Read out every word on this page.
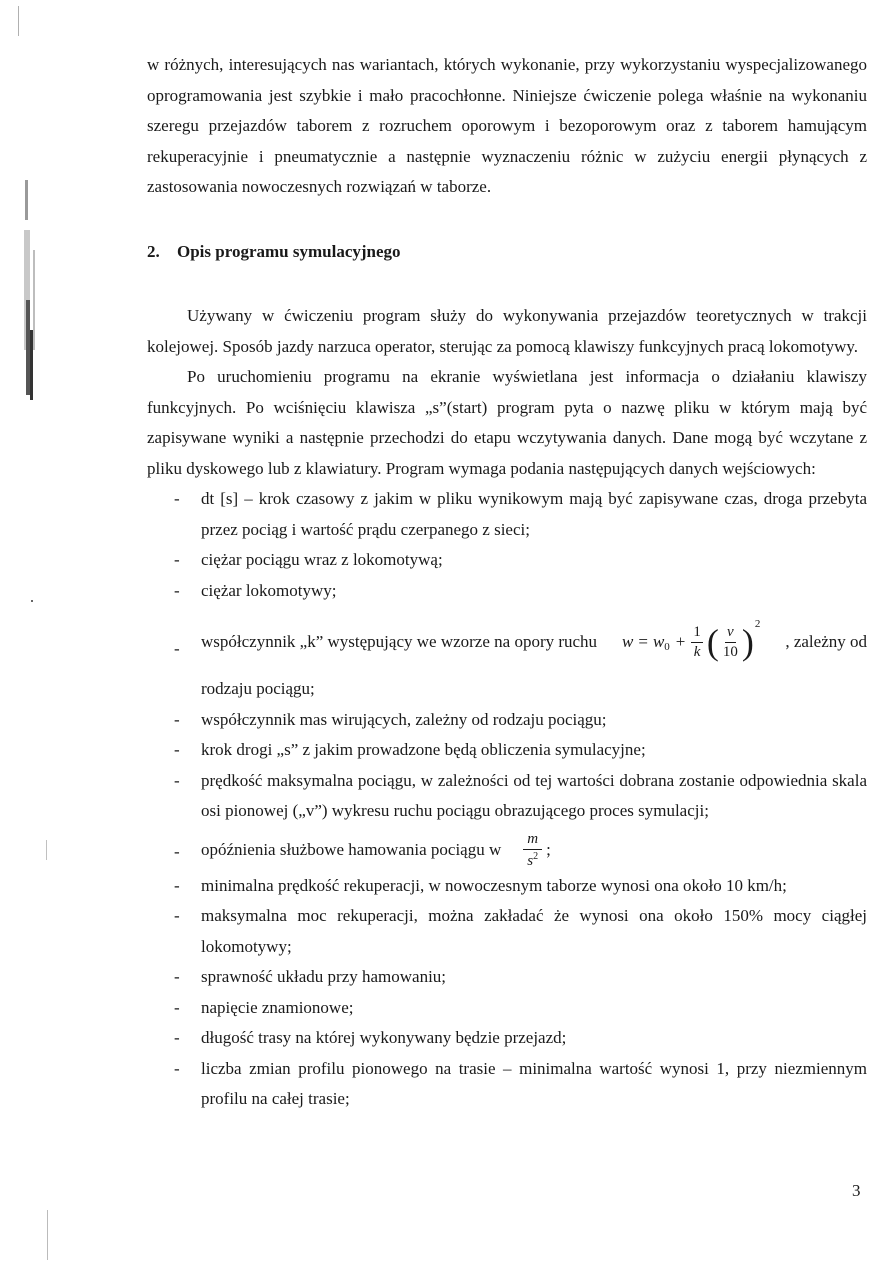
w różnych, interesujących nas wariantach, których wykonanie, przy wykorzystaniu wyspecjalizowanego oprogramowania jest szybkie i mało pracochłonne. Niniejsze ćwiczenie polega właśnie na wykonaniu szeregu przejazdów taborem z rozruchem oporowym i bezoporowym oraz z taborem hamującym rekuperacyjnie i pneumatycznie a następnie wyznaczeniu różnic w zużyciu energii płynących z zastosowania nowoczesnych rozwiązań w taborze.

2. Opis programu symulacyjnego

Używany w ćwiczeniu program służy do wykonywania przejazdów teoretycznych w trakcji kolejowej. Sposób jazdy narzuca operator, sterując za pomocą klawiszy funkcyjnych pracą lokomotywy.

Po uruchomieniu programu na ekranie wyświetlana jest informacja o działaniu klawiszy funkcyjnych. Po wciśnięciu klawisza „s”(start) program pyta o nazwę pliku w którym mają być zapisywane wyniki a następnie przechodzi do etapu wczytywania danych. Dane mogą być wczytane z pliku dyskowego lub z klawiatury. Program wymaga podania następujących danych wejściowych:

- dt [s] – krok czasowy z jakim w pliku wynikowym mają być zapisywane czas, droga przebyta przez pociąg i wartość prądu czerpanego z sieci;
- ciężar pociągu wraz z lokomotywą;
- ciężar lokomotywy;
- współczynnik „k” występujący we wzorze na opory ruchu w = w $0 + \frac{1}{k}$ ( $\frac{v}{10}$ ) 2
, zależny od
rodzaju pociągu;
- współczynnik mas wirujących, zależny od rodzaju pociągu;
- krok drogi „s” z jakim prowadzone będą obliczenia symulacyjne;
- prędkość maksymalna pociągu, w zależności od tej wartości dobrana zostanie odpowiednia skala osi pionowej („v”) wykresu ruchu pociągu obrazującego proces symulacji;
- opóźnienia służbowe hamowania pociągu w $\frac{m}{s^2}$ ;
- minimalna prędkość rekuperacji, w nowoczesnym taborze wynosi ona około 10 km/h;
- maksymalna moc rekuperacji, można zakładać że wynosi ona około 150% mocy ciągłej lokomotywy;
- sprawność układu przy hamowaniu;
- napięcie znamionowe;
- długość trasy na której wykonywany będzie przejazd;
- liczba zmian profilu pionowego na trasie – minimalna wartość wynosi 1, przy niezmiennym profilu na całej trasie;
3
